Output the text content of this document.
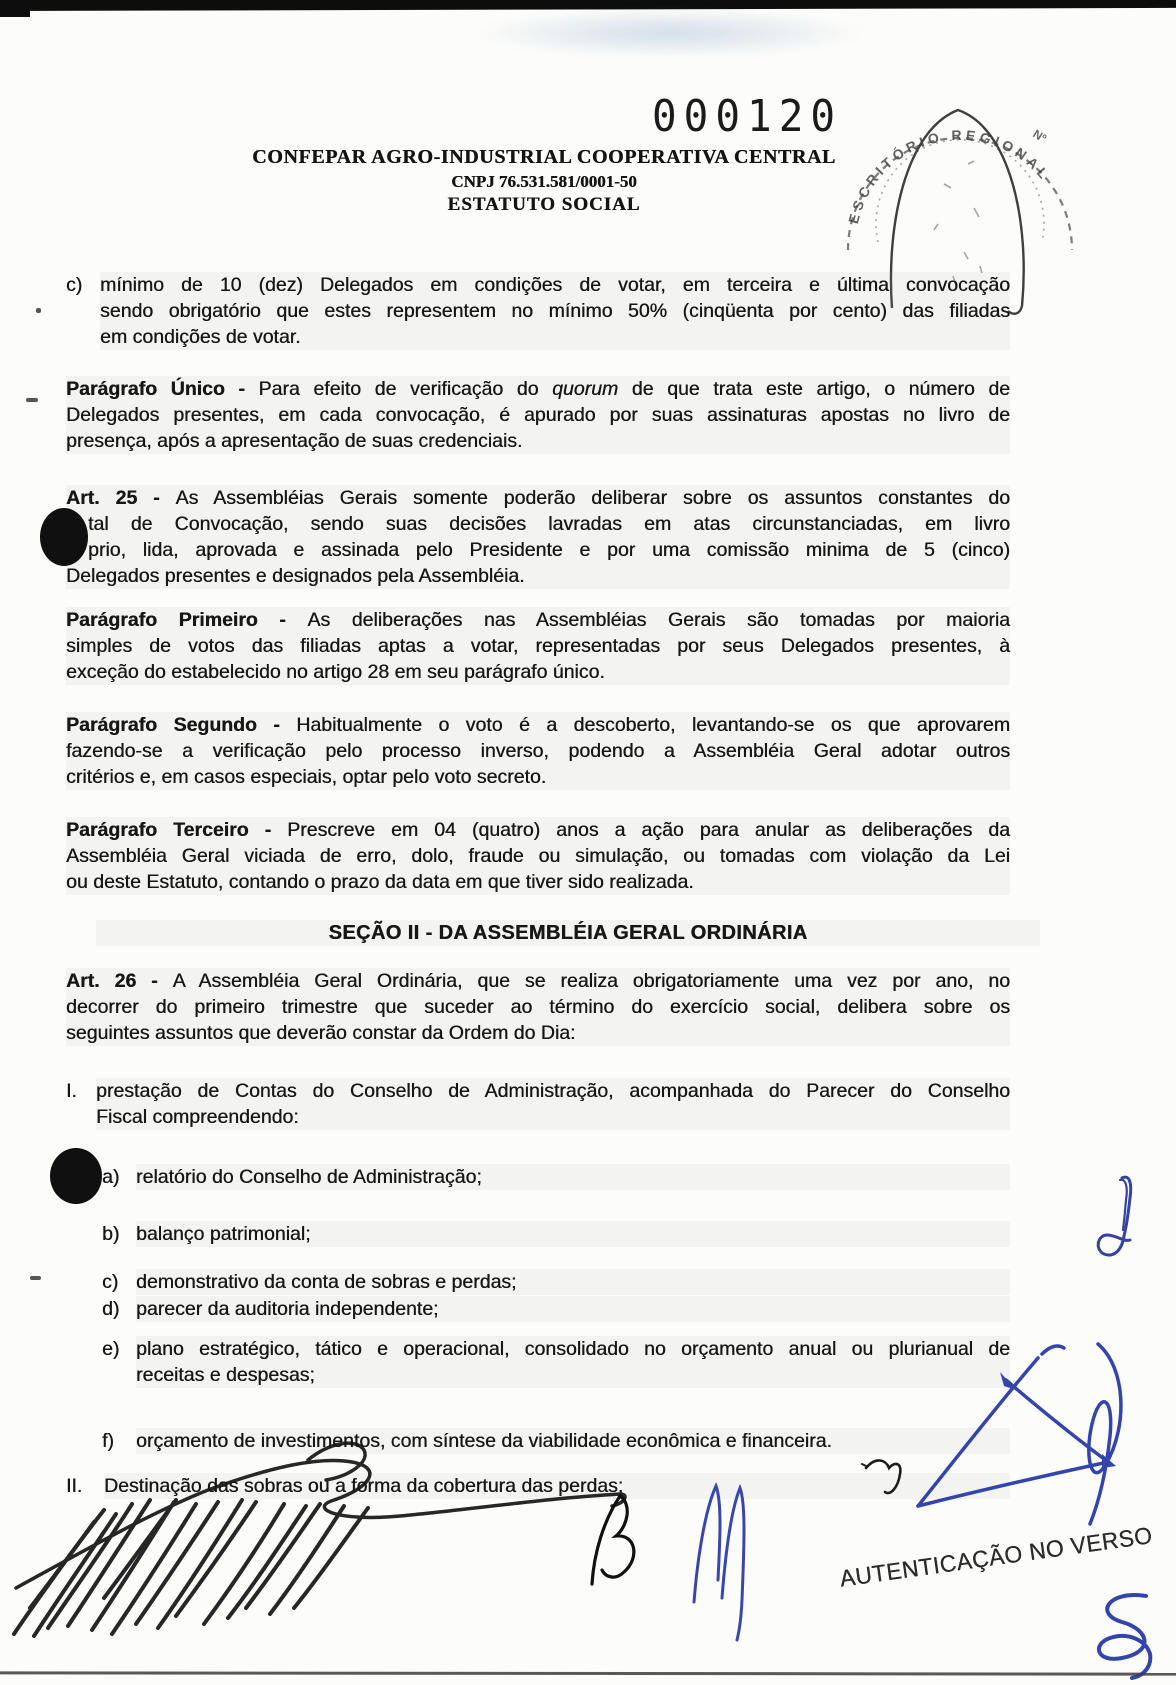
000120
CONFEPAR AGRO-INDUSTRIAL COOPERATIVA CENTRAL
CNPJ 76.531.581/0001-50
ESTATUTO SOCIAL
ESCRITÓRIO REGIONAL
Nº
c) mínimo de 10 (dez) Delegados em condições de votar, em terceira e última convocação
sendo obrigatório que estes representem no mínimo 50% (cinqüenta por cento) das filiadas
em condições de votar.
Parágrafo Único - Para efeito de verificação do quorum de que trata este artigo, o número de
Delegados presentes, em cada convocação, é apurado por suas assinaturas apostas no livro de
presença, após a apresentação de suas credenciais.
Art. 25 - As Assembléias Gerais somente poderão deliberar sobre os assuntos constantes do
tal de Convocação, sendo suas decisões lavradas em atas circunstanciadas, em livro
prio, lida, aprovada e assinada pelo Presidente e por uma comissão minima de 5 (cinco)
Delegados presentes e designados pela Assembléia.
Parágrafo Primeiro - As deliberações nas Assembléias Gerais são tomadas por maioria
simples de votos das filiadas aptas a votar, representadas por seus Delegados presentes, à
exceção do estabelecido no artigo 28 em seu parágrafo único.
Parágrafo Segundo - Habitualmente o voto é a descoberto, levantando-se os que aprovarem
fazendo-se a verificação pelo processo inverso, podendo a Assembléia Geral adotar outros
critérios e, em casos especiais, optar pelo voto secreto.
Parágrafo Terceiro - Prescreve em 04 (quatro) anos a ação para anular as deliberações da
Assembléia Geral viciada de erro, dolo, fraude ou simulação, ou tomadas com violação da Lei
ou deste Estatuto, contando o prazo da data em que tiver sido realizada.
SEÇÃO II - DA ASSEMBLÉIA GERAL ORDINÁRIA
Art. 26 - A Assembléia Geral Ordinária, que se realiza obrigatoriamente uma vez por ano, no
decorrer do primeiro trimestre que suceder ao término do exercício social, delibera sobre os
seguintes assuntos que deverão constar da Ordem do Dia:
I. prestação de Contas do Conselho de Administração, acompanhada do Parecer do Conselho
Fiscal compreendendo:
a) relatório do Conselho de Administração;
b) balanço patrimonial;
c) demonstrativo da conta de sobras e perdas;
d) parecer da auditoria independente;
e) plano estratégico, tático e operacional, consolidado no orçamento anual ou plurianual de
receitas e despesas;
f) orçamento de investimentos, com síntese da viabilidade econômica e financeira.
II. Destinação das sobras ou a forma da cobertura das perdas;
AUTENTICAÇÃO NO VERSO
